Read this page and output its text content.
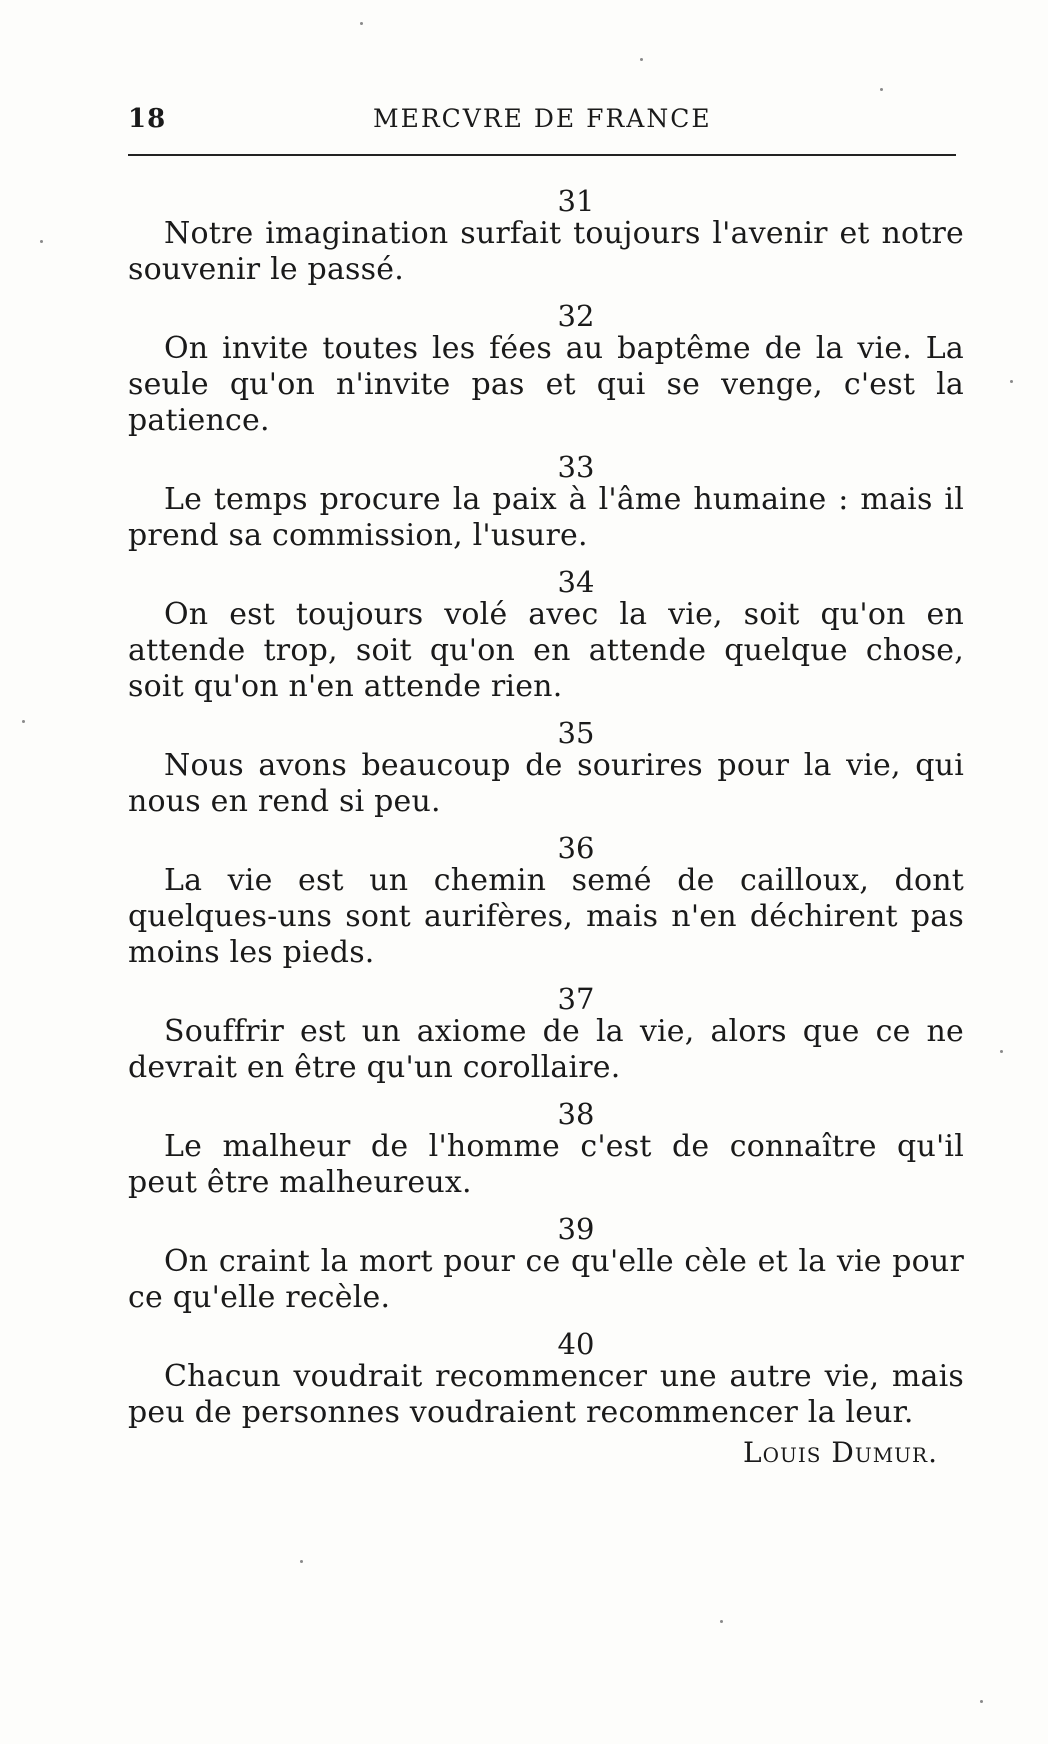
18	MERCVRE DE FRANCE
31
Notre imagination surfait toujours l'avenir et notre souvenir le passé.
32
On invite toutes les fées au baptême de la vie. La seule qu'on n'invite pas et qui se venge, c'est la patience.
33
Le temps procure la paix à l'âme humaine : mais il prend sa commission, l'usure.
34
On est toujours volé avec la vie, soit qu'on en attende trop, soit qu'on en attende quelque chose, soit qu'on n'en attende rien.
35
Nous avons beaucoup de sourires pour la vie, qui nous en rend si peu.
36
La vie est un chemin semé de cailloux, dont quelques-uns sont aurifères, mais n'en déchirent pas moins les pieds.
37
Souffrir est un axiome de la vie, alors que ce ne devrait en être qu'un corollaire.
38
Le malheur de l'homme c'est de connaître qu'il peut être malheureux.
39
On craint la mort pour ce qu'elle cèle et la vie pour ce qu'elle recèle.
40
Chacun voudrait recommencer une autre vie, mais peu de personnes voudraient recommencer la leur.
Louis Dumur.
